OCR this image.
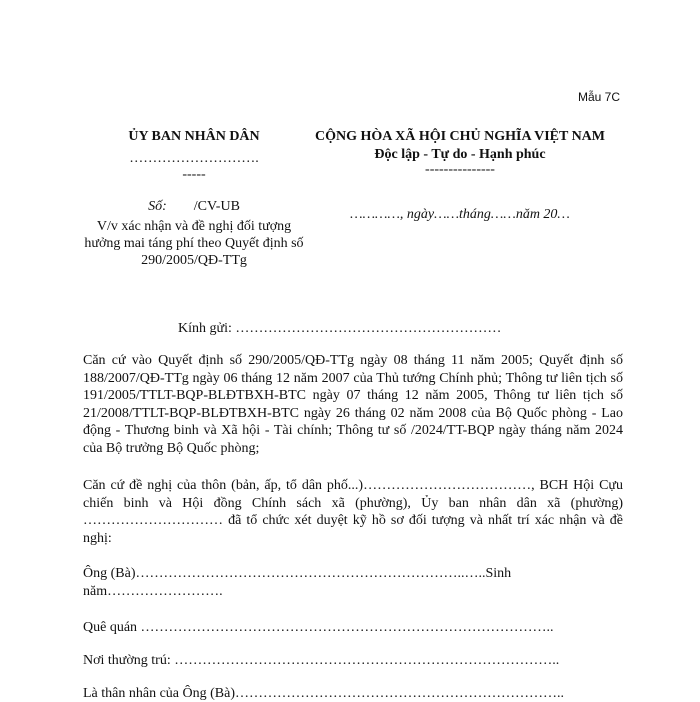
Mẫu 7C
ỦY BAN NHÂN DÂN
……………………….
-----
Số: /CV-UB
V/v xác nhận và đề nghị đối tượng hưởng mai táng phí theo Quyết định số 290/2005/QĐ-TTg
CỘNG HÒA XÃ HỘI CHỦ NGHĨA VIỆT NAM
Độc lập - Tự do - Hạnh phúc
---------------
…………, ngày……tháng……năm 20…
Kính gửi: …………………………………………………
Căn cứ vào Quyết định số 290/2005/QĐ-TTg ngày 08 tháng 11 năm 2005; Quyết định số 188/2007/QĐ-TTg ngày 06 tháng 12 năm 2007 của Thủ tướng Chính phủ; Thông tư liên tịch số 191/2005/TTLT-BQP-BLĐTBXH-BTC ngày 07 tháng 12 năm 2005, Thông tư liên tịch số 21/2008/TTLT-BQP-BLĐTBXH-BTC ngày 26 tháng 02 năm 2008 của Bộ Quốc phòng - Lao động - Thương binh và Xã hội - Tài chính; Thông tư số /2024/TT-BQP ngày tháng năm 2024 của Bộ trưởng Bộ Quốc phòng;
Căn cứ đề nghị của thôn (bản, ấp, tổ dân phố...)………………………………, BCH Hội Cựu chiến binh và Hội đồng Chính sách xã (phường), Ủy ban nhân dân xã (phường) ………………………… đã tổ chức xét duyệt kỹ hồ sơ đối tượng và nhất trí xác nhận và đề nghị:
Ông (Bà)……………………………………………………………..…..Sinh
năm…………………….
Quê quán ……………………………………………………………………………..
Nơi thường trú: ………………………………………………………………………..
Là thân nhân của Ông (Bà)……………………………………………………………..
